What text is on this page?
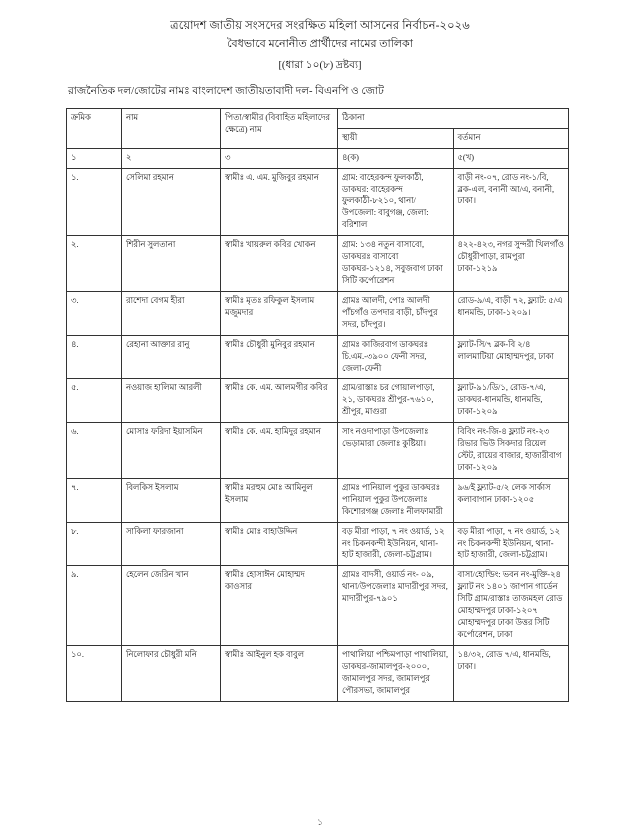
ত্রয়োদশ জাতীয় সংসদের সংরক্ষিত মহিলা আসনের নির্বাচন-২০২৬
বৈধভাবে মনোনীত প্রার্থীদের নামের তালিকা
[(ধারা ১০(৮) দ্রষ্টব্য]
রাজনৈতিক দল/জোটের নামঃ বাংলাদেশ জাতীয়তাবাদী দল- বিএনপি ও জোট
ক্রমিক	নাম	পিতা/স্বামীর (বিবাহিত মহিলাদের ক্ষেত্রে) নাম	ঠিকানা	
			স্থায়ী	বর্তমান
১	২	৩	৪(ক)	৫(খ)
১.	সেলিমা রহমান	স্বামীঃ এ. এম. মুজিবুর রহমান	গ্রাম: বাহেরকন্দ ফুলকাঠী, ডাকঘর: বাহেরকন্দ ফুলকাঠী-৮২১০, থানা/উপজেলা: বাবুগঞ্জ, জেলা: বরিশাল	বাড়ী নং-০৭, রোড নং-১/বি, ব্লক-এল, বনানী আ/এ, বনানী, ঢাকা।
২.	শিরীন সুলতানা	স্বামীঃ খায়রুল কবির খোকন	গ্রাম: ১৩৪ নতুন বাসাবো, ডাকঘরঃ বাসাবো ডাকঘর-১২১৪, সবুজবাগ ঢাকা সিটি কর্পোরেশন	৪২২-৪২৩, নগর সুন্দরী খিলগাঁও চৌধুরীপাড়া, রামপুরা ঢাকা-১২১৯
৩.	রাশেদা বেগম হীরা	স্বামীঃ মৃতঃ রফিকুল ইসলাম মজুমদার	গ্রামঃ আলদী, পোঃ আলদী পাঁচগাঁও তপদার বাড়ী, চাঁদপুর সদর, চাঁদপুর।	রোড-৯/এ, বাড়ী ৭২, ফ্ল্যাট: ৫/এ ধানমন্ডি, ঢাকা-১২০৯।
৪.	রেহানা আক্তার রানু	স্বামীঃ চৌধুরী মুনিবুর রহমান	গ্রামঃ কাজিরবাগ ডাকঘরঃ চি.এম.-৩৯০০ ফেনী সদর, জেলা-ফেনী	ফ্ল্যাট-সি/৭ ব্লক-বি ২/৪ লালমাটিয়া মোহাম্মদপুর, ঢাকা
৫.	নওয়াজ হালিমা আরলী	স্বামীঃ কে. এম. আলমগীর কবির	গ্রাম/রাস্তাঃ চর গোয়ালপাড়া, ২১, ডাকঘরঃ শ্রীপুর-৭৬১০, শ্রীপুর, মাগুরা	ফ্ল্যাট-৯১/ডি/১, রোড-৭/এ, ডাকঘর-ধানমন্ডি, ধানমন্ডি, ঢাকা-১২০৯
৬.	মোসাঃ ফরিদা ইয়াসমিন	স্বামীঃ কে. এম. হামিদুর রহমান	সাং নওদাপাড়া উপজেলাঃ ভেড়ামারা জেলাঃ কুষ্টিয়া।	বিবিং নং-জি-৪ ফ্ল্যাট নং-২৩ রিভার ভিউ সিকদার রিয়েল স্টেট, রায়ের বাজার, হাজারীবাগ ঢাকা-১২০৯
৭.	বিলকিস ইসলাম	স্বামীঃ মরহুম মোঃ আমিনুল ইসলাম	গ্রামঃ পানিয়াল পুকুর ডাকঘরঃ পানিয়াল পুকুর উপজেলাঃ কিশোরগঞ্জ জেলাঃ নীলফামারী	৯৬/ই ফ্ল্যাট-৫/২ লেক সার্কাস কলাবাগান ঢাকা-১২০৫
৮.	সাকিলা ফারজানা	স্বামীঃ মোঃ বাহাউদ্দিন	বড় মীরা পাড়া, ৭ নং ওয়ার্ড, ১২ নং চিকনকন্দী ইউনিয়ন, থানা-হাট হাজারী, জেলা-চট্টগ্রাম।	বড় মীরা পাড়া, ৭ নং ওয়ার্ড, ১২ নং চিকনকন্দী ইউনিয়ন, থানা-হাট হাজারী, জেলা-চট্টগ্রাম।
৯.	হেলেন জেরিন খান	স্বামীঃ হোসাঈন মোহাম্মদ কাওসার	গ্রামঃ বাদসী, ওয়ার্ড নং- ০৯, থানা/উপজেলাঃ মাদারীপুর সদর, মাদারীপুর-৭৯০১	বাসা/হোল্ডিং: ভবন নং-মুক্তি-২৪ ফ্ল্যাট নং ১৪০১ জাপান গার্ডেন সিটি গ্রাম/রাস্তাঃ তাজমহল রোড মোহাম্মদপুর ঢাকা-১২০৭ মোহাম্মদপুর ঢাকা উত্তর সিটি কর্পোরেশন, ঢাকা
১০.	নিলোফার চৌধুরী মনি	স্বামীঃ আইনুল হক বাবুল	পাথালিয়া পশ্চিমপাড়া পাথালিয়া, ডাকঘর-জামালপুর-২০০০, জামালপুর সদর, জামালপুর পৌরসভা, জামালপুর	১৪/৩২, রোড ৭/এ, ধানমন্ডি, ঢাকা।
১
